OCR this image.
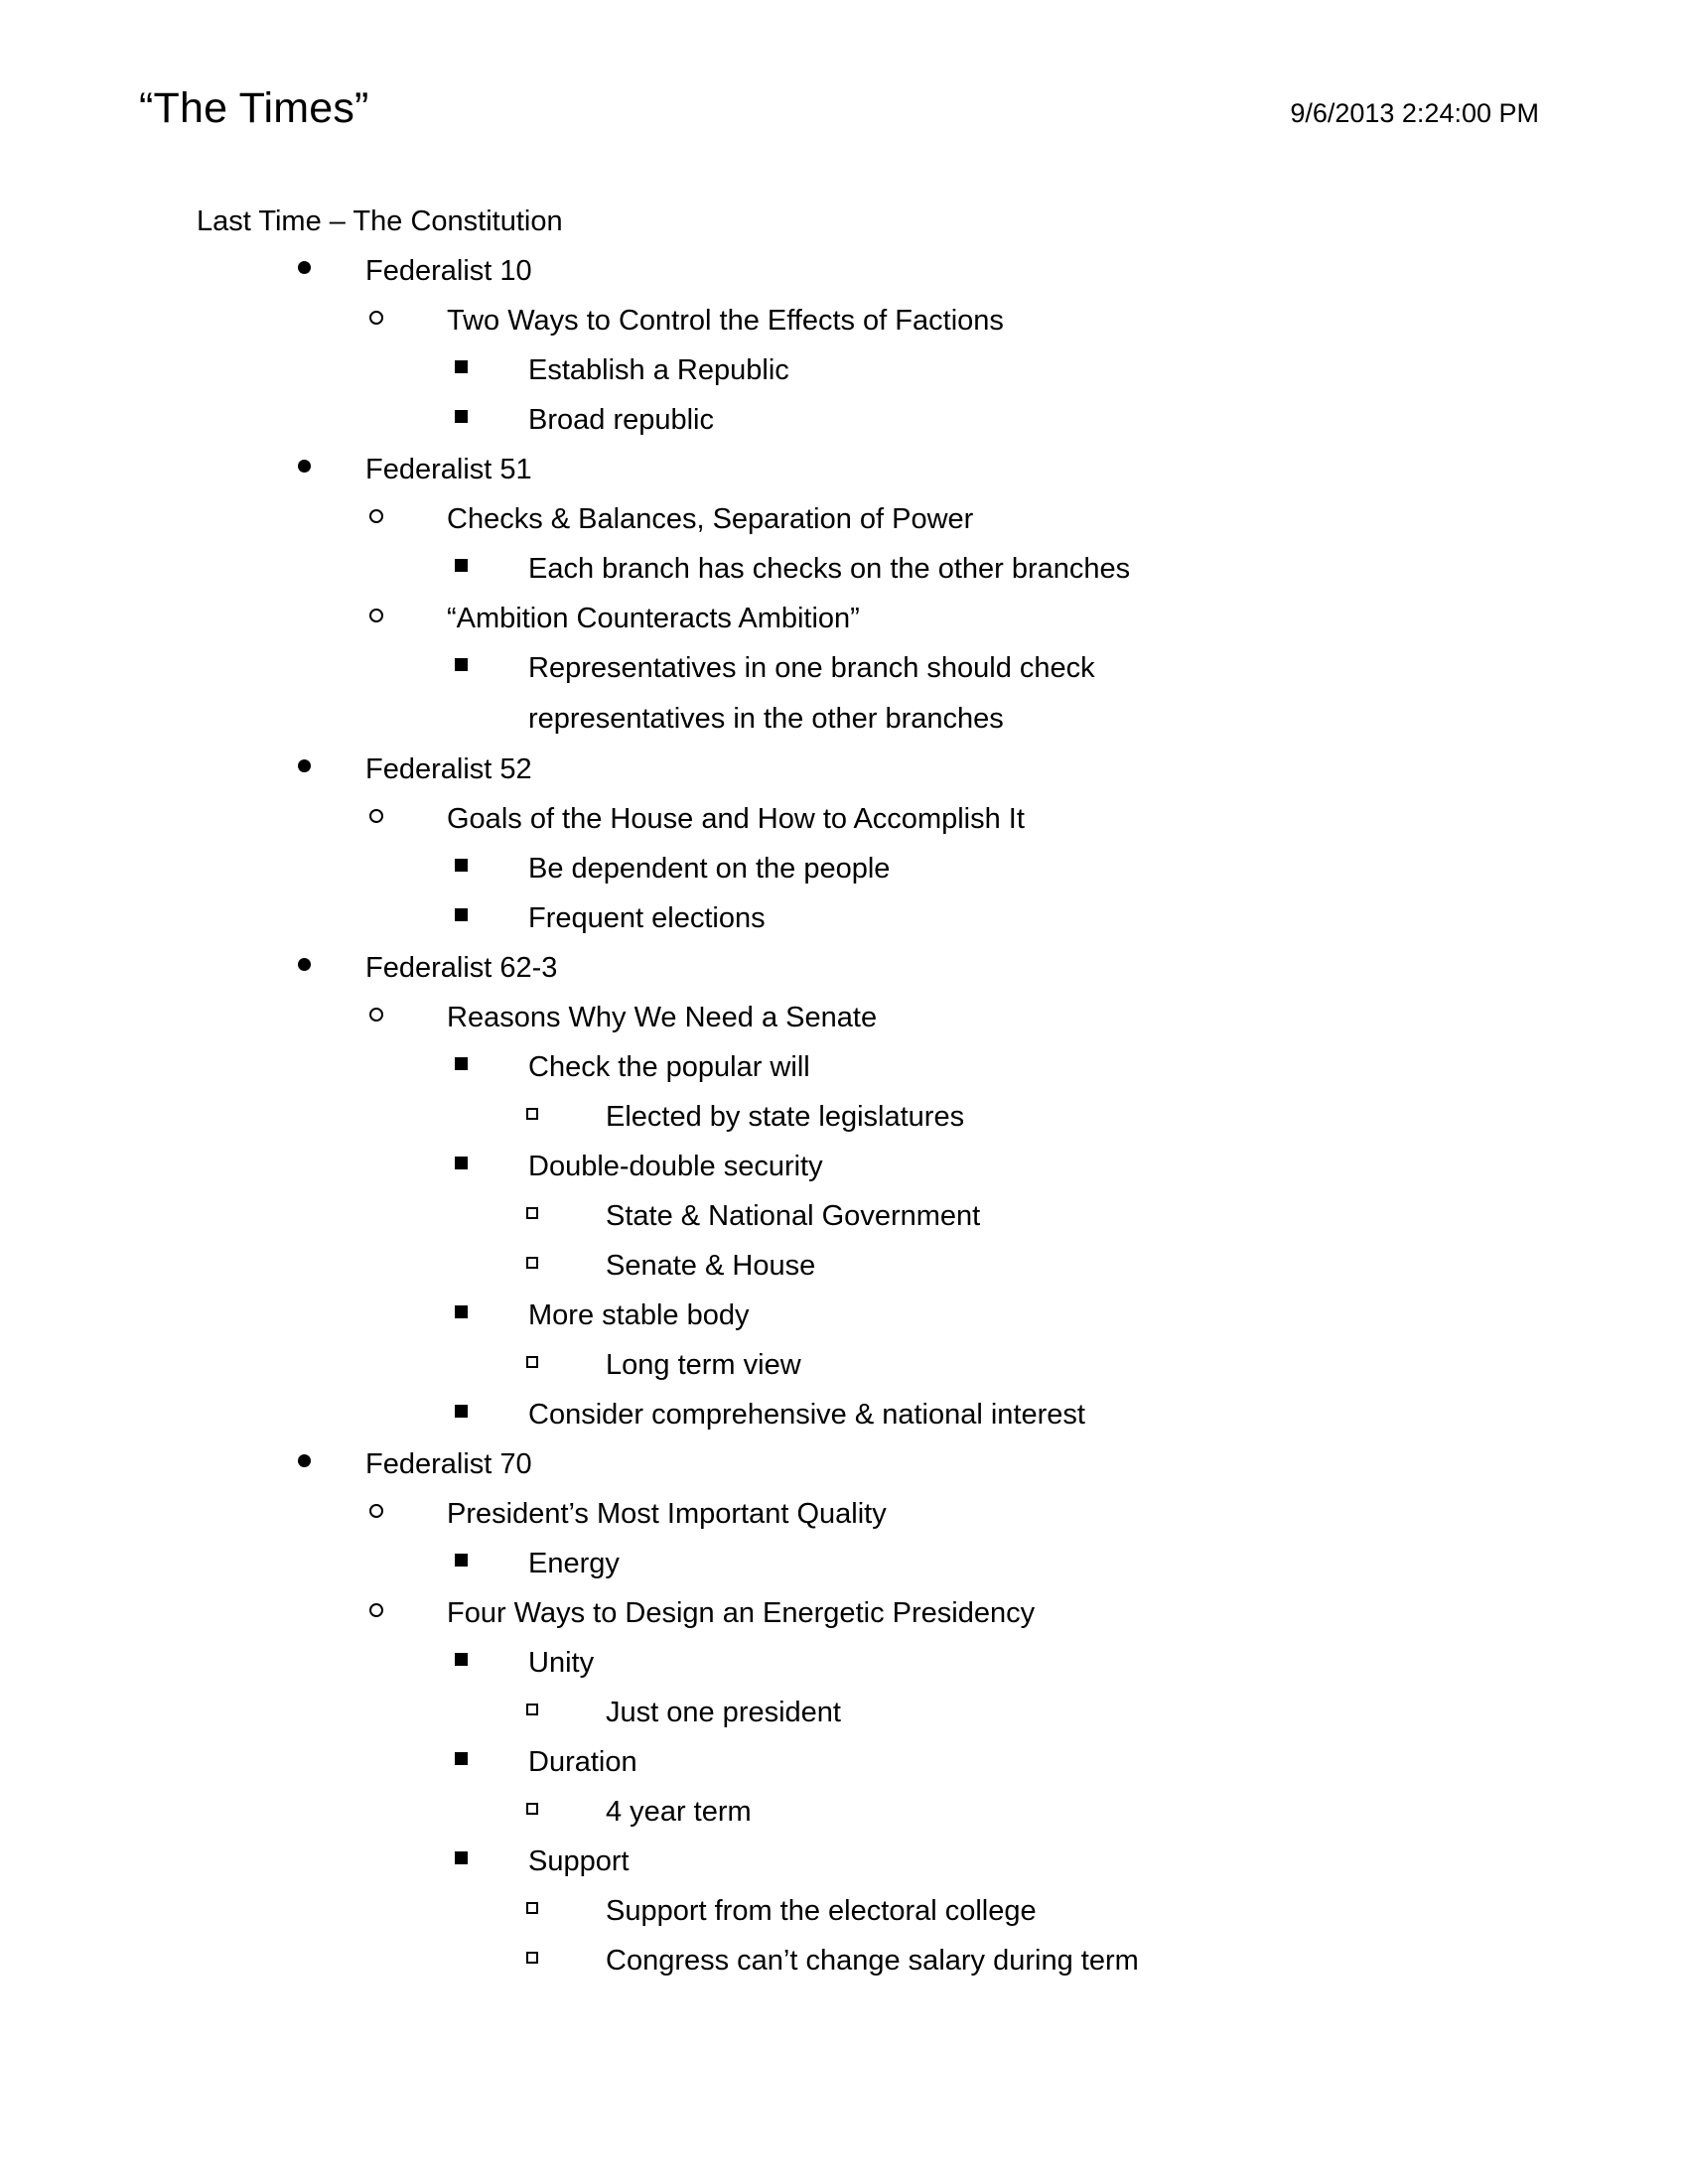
“The Times”	9/6/2013 2:24:00 PM
Last Time – The Constitution
Federalist 10
Two Ways to Control the Effects of Factions
Establish a Republic
Broad republic
Federalist 51
Checks & Balances, Separation of Power
Each branch has checks on the other branches
“Ambition Counteracts Ambition”
Representatives in one branch should check
representatives in the other branches
Federalist 52
Goals of the House and How to Accomplish It
Be dependent on the people
Frequent elections
Federalist 62-3
Reasons Why We Need a Senate
Check the popular will
Elected by state legislatures
Double-double security
State & National Government
Senate & House
More stable body
Long term view
Consider comprehensive & national interest
Federalist 70
President’s Most Important Quality
Energy
Four Ways to Design an Energetic Presidency
Unity
Just one president
Duration
4 year term
Support
Support from the electoral college
Congress can’t change salary during term
